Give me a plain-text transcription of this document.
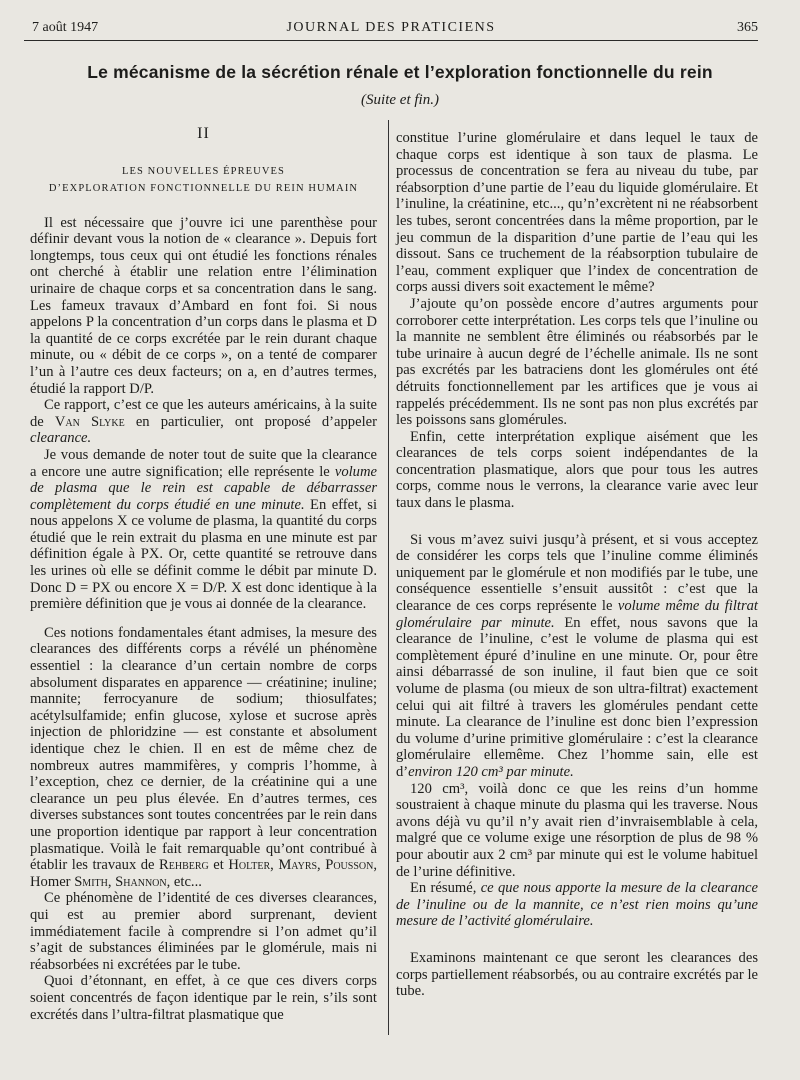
7 août 1947	JOURNAL DES PRATICIENS	365
Le mécanisme de la sécrétion rénale et l’exploration fonctionnelle du rein
(Suite et fin.)
II
LES NOUVELLES ÉPREUVES
D’EXPLORATION FONCTIONNELLE DU REIN HUMAIN

Il est nécessaire que j’ouvre ici une parenthèse pour définir devant vous la notion de « clearance ». Depuis fort longtemps, tous ceux qui ont étudié les fonctions rénales ont cherché à établir une relation entre l’élimination urinaire de chaque corps et sa concentration dans le sang. Les fameux travaux d’Ambard en font foi. Si nous appelons P la concentration d’un corps dans le plasma et D la quantité de ce corps excrétée par le rein durant chaque minute, ou « débit de ce corps », on a tenté de comparer l’un à l’autre ces deux facteurs; on a, en d’autres termes, étudié la rapport D/P.

Ce rapport, c’est ce que les auteurs américains, à la suite de Van Slyke en particulier, ont proposé d’appeler clearance.

Je vous demande de noter tout de suite que la clearance a encore une autre signification; elle représente le volume de plasma que le rein est capable de débarrasser complètement du corps étudié en une minute. En effet, si nous appelons X ce volume de plasma, la quantité du corps étudié que le rein extrait du plasma en une minute est par définition égale à PX. Or, cette quantité se retrouve dans les urines où elle se définit comme le débit par minute D. Donc D = PX ou encore X = D/P. X est donc identique à la première définition que je vous ai donnée de la clearance.

Ces notions fondamentales étant admises, la mesure des clearances des différents corps a révélé un phénomène essentiel : la clearance d’un certain nombre de corps absolument disparates en apparence — créatinine; inuline; mannite; ferrocyanure de sodium; thiosulfates; acétylsulfamide; enfin glucose, xylose et sucrose après injection de phloridzine — est constante et absolument identique chez le chien. Il en est de même chez de nombreux autres mammifères, y compris l’homme, à l’exception, chez ce dernier, de la créatinine qui a une clearance un peu plus élevée. En d’autres termes, ces diverses substances sont toutes concentrées par le rein dans une proportion identique par rapport à leur concentration plasmatique. Voilà le fait remarquable qu’ont contribué à établir les travaux de Rehberg et Holter, Mayrs, Pousson, Homer Smith, Shannon, etc...

Ce phénomène de l’identité de ces diverses clearances, qui est au premier abord surprenant, devient immédiatement facile à comprendre si l’on admet qu’il s’agit de substances éliminées par le glomérule, mais ni réabsorbées ni excrétées par le tube.

Quoi d’étonnant, en effet, à ce que ces divers corps soient concentrés de façon identique par le rein, s’ils sont excrétés dans l’ultra-filtrat plasmatique que

constitue l’urine glomérulaire et dans lequel le taux de chaque corps est identique à son taux de plasma. Le processus de concentration se fera au niveau du tube, par réabsorption d’une partie de l’eau du liquide glomérulaire. Et l’inuline, la créatinine, etc..., qu’n’excrètent ni ne réabsorbent les tubes, seront concentrées dans la même proportion, par le jeu commun de la disparition d’une partie de l’eau qui les dissout. Sans ce truchement de la réabsorption tubulaire de l’eau, comment expliquer que l’index de concentration de corps aussi divers soit exactement le même?

J’ajoute qu’on possède encore d’autres arguments pour corroborer cette interprétation. Les corps tels que l’inuline ou la mannite ne semblent être éliminés ou réabsorbés par le tube urinaire à aucun degré de l’échelle animale. Ils ne sont pas excrétés par les batraciens dont les glomérules ont été détruits fonctionnellement par les artifices que je vous ai rappelés précédemment. Ils ne sont pas non plus excrétés par les poissons sans glomérules.

Enfin, cette interprétation explique aisément que les clearances de tels corps soient indépendantes de la concentration plasmatique, alors que pour tous les autres corps, comme nous le verrons, la clearance varie avec leur taux dans le plasma.

Si vous m’avez suivi jusqu’à présent, et si vous acceptez de considérer les corps tels que l’inuline comme éliminés uniquement par le glomérule et non modifiés par le tube, une conséquence essentielle s’ensuit aussitôt : c’est que la clearance de ces corps représente le volume même du filtrat glomérulaire par minute. En effet, nous savons que la clearance de l’inuline, c’est le volume de plasma qui est complètement épuré d’inuline en une minute. Or, pour être ainsi débarrassé de son inuline, il faut bien que ce soit volume de plasma (ou mieux de son ultra-filtrat) exactement celui qui ait filtré à travers les glomérules pendant cette minute. La clearance de l’inuline est donc bien l’expression du volume d’urine primitive glomérulaire : c’est la clearance glomérulaire ellemême. Chez l’homme sain, elle est d’environ 120 cm³ par minute.

120 cm³, voilà donc ce que les reins d’un homme soustraient à chaque minute du plasma qui les traverse. Nous avons déjà vu qu’il n’y avait rien d’invraisemblable à cela, malgré que ce volume exige une résorption de plus de 98 % pour aboutir aux 2 cm³ par minute qui est le volume habituel de l’urine définitive.

En résumé, ce que nous apporte la mesure de la clearance de l’inuline ou de la mannite, ce n’est rien moins qu’une mesure de l’activité glomérulaire.

Examinons maintenant ce que seront les clearances des corps partiellement réabsorbés, ou au contraire excrétés par le tube.
